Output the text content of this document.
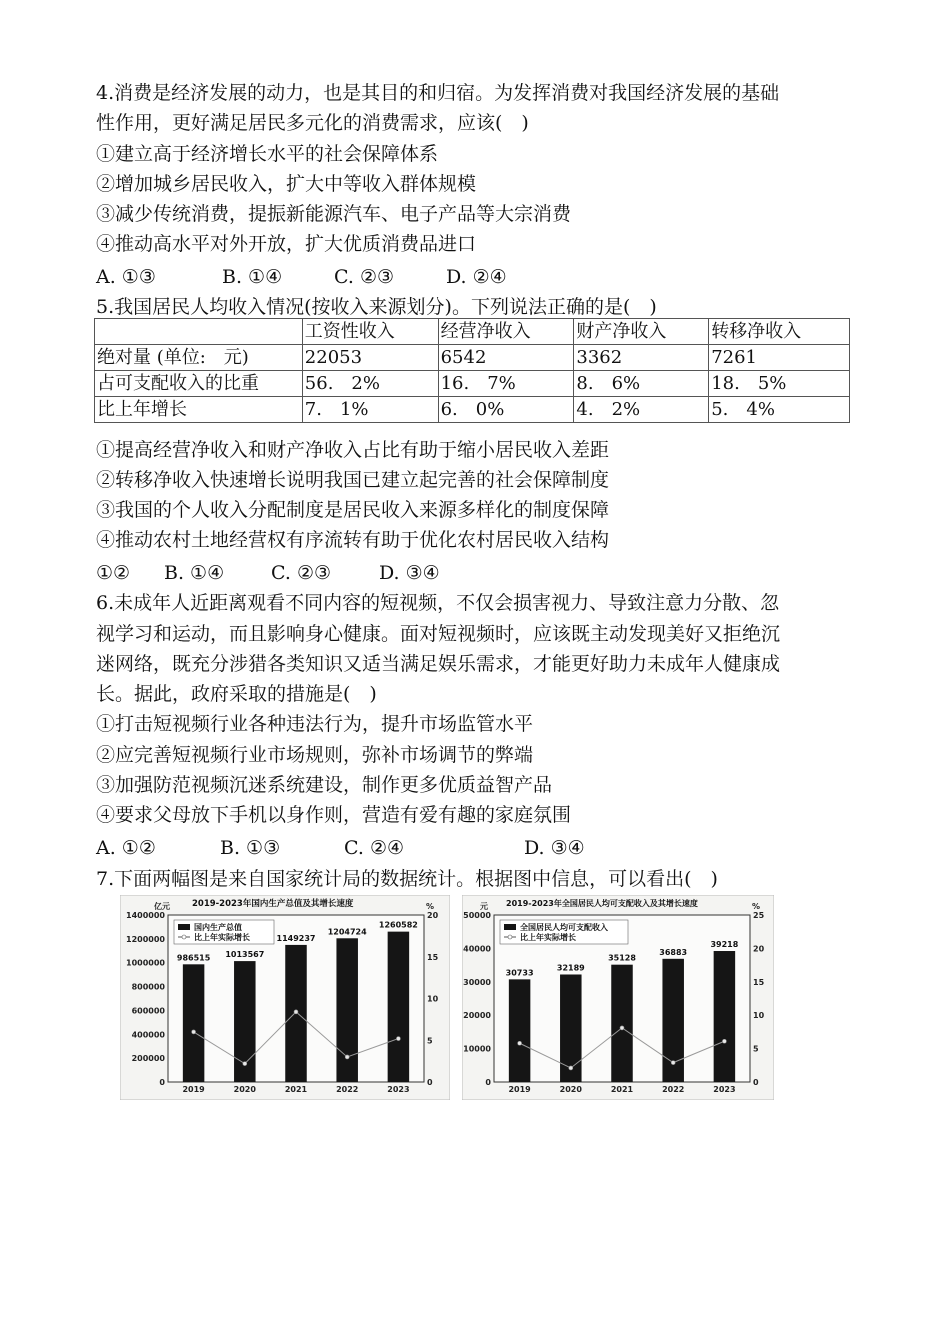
4.消费是经济发展的动力，也是其目的和归宿。为发挥消费对我国经济发展的基础
性作用，更好满足居民多元化的消费需求，应该(　)
①建立高于经济增长水平的社会保障体系
②增加城乡居民收入，扩大中等收入群体规模
③减少传统消费，提振新能源汽车、电子产品等大宗消费
④推动高水平对外开放，扩大优质消费品进口
A. ①③	B. ①④	C. ②③	D. ②④
5.我国居民人均收入情况(按收入来源划分)。下列说法正确的是(　)
	工资性收入	经营净收入	财产净收入	转移净收入
绝对量 (单位:　元)	22053	6542	3362	7261
占可支配收入的比重	56.　2%	16.　7%	8.　6%	18.　5%
比上年增长	7.　1%	6.　0%	4.　2%	5.　4%
①提高经营净收入和财产净收入占比有助于缩小居民收入差距
②转移净收入快速增长说明我国已建立起完善的社会保障制度
③我国的个人收入分配制度是居民收入来源多样化的制度保障
④推动农村土地经营权有序流转有助于优化农村居民收入结构
①② B. ①④ C. ②③	D. ③④
6.未成年人近距离观看不同内容的短视频，不仅会损害视力、导致注意力分散、忽
视学习和运动，而且影响身心健康。面对短视频时，应该既主动发现美好又拒绝沉
迷网络，既充分涉猎各类知识又适当满足娱乐需求，才能更好助力未成年人健康成
长。据此，政府采取的措施是(　)
①打击短视频行业各种违法行为，提升市场监管水平
②应完善短视频行业市场规则，弥补市场调节的弊端
③加强防范视频沉迷系统建设，制作更多优质益智产品
④要求父母放下手机以身作则，营造有爱有趣的家庭氛围
A. ①②	B. ①③	C. ②④	D. ③④
7.下面两幅图是来自国家统计局的数据统计。根据图中信息，可以看出(　)
2019-2023年国内生产总值及其增长速度
亿元	%
0
200000
400000
600000
800000
1000000
1200000
1400000
0
5
10
15
20
986515
2019
1013567
2020
1149237
2021
1204724
2022
1260582
2023
国内生产总值
比上年实际增长
2019-2023年全国居民人均可支配收入及其增长速度
元	%
0
10000
20000
30000
40000
50000
0
5
10
15
20
25
30733
2019
32189
2020
35128
2021
36883
2022
39218
2023
全国居民人均可支配收入
比上年实际增长
